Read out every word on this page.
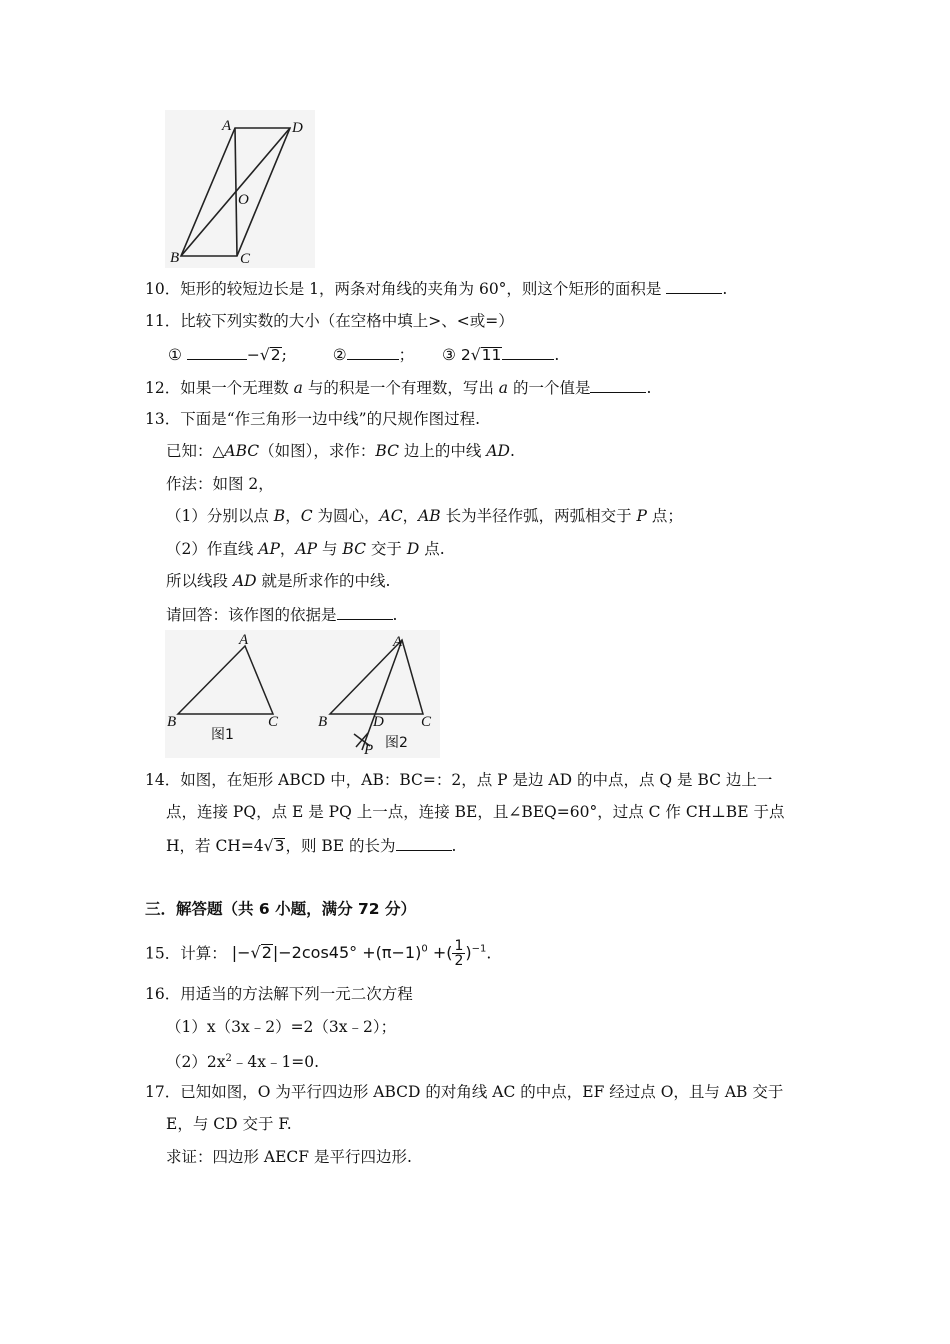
A	D
O
B	C
10．矩形的较短边长是 1，两条对角线的夹角为 60°，则这个矩形的面积是	.
11．比较下列实数的大小（在空格中填上>、<或=）
①	−√2;	②	； ③ 2√11	.
12．如果一个无理数 a 与的积是一个有理数，写出 a 的一个值是	.
13．下面是“作三角形一边中线”的尺规作图过程.
已知：△ABC（如图），求作：BC 边上的中线 AD.
作法：如图 2，
（1）分别以点 B，C 为圆心，AC，AB 长为半径作弧，两弧相交于 P 点；
（2）作直线 AP，AP 与 BC 交于 D 点.
所以线段 AD 就是所求作的中线.
请回答：该作图的依据是	.
A
B	C
图1
A
B	D C
P 图2
14．如图，在矩形 ABCD 中，AB：BC=：2，点 P 是边 AD 的中点，点 Q 是 BC 边上一
点，连接 PQ，点 E 是 PQ 上一点，连接 BE，且∠BEQ=60°，过点 C 作 CH⊥BE 于点
H，若 CH=4√3，则 BE 的长为	.
三．解答题（共 6 小题，满分 72 分）
15．计算： $|-√2|-2\cos 45^\circ +(\pi-1)^0$ +( $\frac{1}{2} )^{-1}$.
16．用适当的方法解下列一元二次方程
（1）x（3x﹣2）=2（3x﹣2）；
$(2)2x^2﹣4x﹣1=0$.
17．已知如图，O 为平行四边形 ABCD 的对角线 AC 的中点，EF 经过点 O，且与 AB 交于
E，与 CD 交于 F.
求证：四边形 AECF 是平行四边形.
